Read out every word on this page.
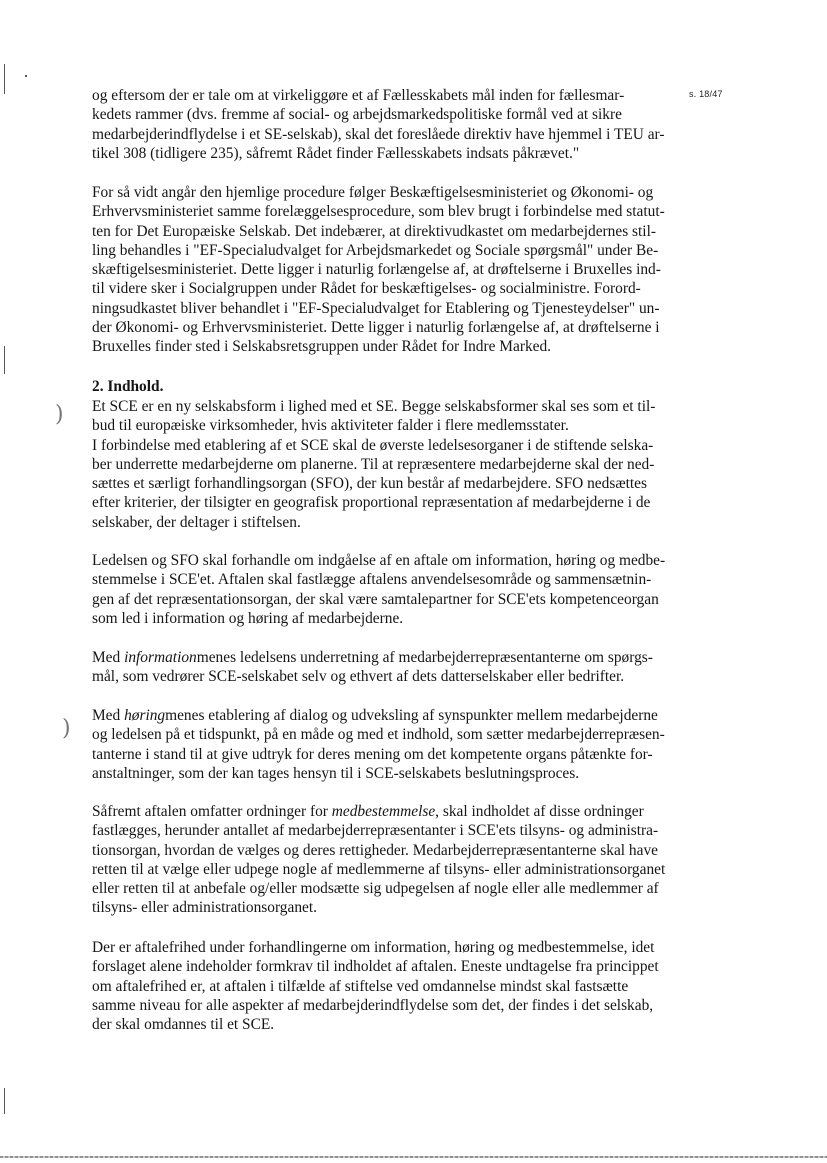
s. 18/47

og eftersom der er tale om at virkeliggøre et af Fællesskabets mål inden for fællesmar-
kedets rammer (dvs. fremme af social- og arbejdsmarkedspolitiske formål ved at sikre
medarbejderindflydelse i et SE-selskab), skal det foreslåede direktiv have hjemmel i TEU ar-
tikel 308 (tidligere 235), såfremt Rådet finder Fællesskabets indsats påkrævet."

For så vidt angår den hjemlige procedure følger Beskæftigelsesministeriet og Økonomi- og
Erhvervsministeriet samme forelæggelsesprocedure, som blev brugt i forbindelse med statut-
ten for Det Europæiske Selskab. Det indebærer, at direktivudkastet om medarbejdernes stil-
ling behandles i "EF-Specialudvalget for Arbejdsmarkedet og Sociale spørgsmål" under Be-
skæftigelsesministeriet. Dette ligger i naturlig forlængelse af, at drøftelserne i Bruxelles ind-
til videre sker i Socialgruppen under Rådet for beskæftigelses- og socialministre. Forord-
ningsudkastet bliver behandlet i "EF-Specialudvalget for Etablering og Tjenesteydelser" un-
der Økonomi- og Erhvervsministeriet. Dette ligger i naturlig forlængelse af, at drøftelserne i
Bruxelles finder sted i Selskabsretsgruppen under Rådet for Indre Marked.

2. Indhold.

Et SCE er en ny selskabsform i lighed med et SE. Begge selskabsformer skal ses som et til-
bud til europæiske virksomheder, hvis aktiviteter falder i flere medlemsstater.
I forbindelse med etablering af et SCE skal de øverste ledelsesorganer i de stiftende selska-
ber underrette medarbejderne om planerne. Til at repræsentere medarbejderne skal der ned-
sættes et særligt forhandlingsorgan (SFO), der kun består af medarbejdere. SFO nedsættes
efter kriterier, der tilsigter en geografisk proportional repræsentation af medarbejderne i de
selskaber, der deltager i stiftelsen.

Ledelsen og SFO skal forhandle om indgåelse af en aftale om information, høring og medbe-
stemmelse i SCE'et. Aftalen skal fastlægge aftalens anvendelsesområde og sammensætnin-
gen af det repræsentationsorgan, der skal være samtalepartner for SCE'ets kompetenceorgan
som led i information og høring af medarbejderne.

Med informationmenes ledelsens underretning af medarbejderrepræsentanterne om spørgs-
mål, som vedrører SCE-selskabet selv og ethvert af dets datterselskaber eller bedrifter.

Med høringmenes etablering af dialog og udveksling af synspunkter mellem medarbejderne
og ledelsen på et tidspunkt, på en måde og med et indhold, som sætter medarbejderrepræsen-
tanterne i stand til at give udtryk for deres mening om det kompetente organs påtænkte for-
anstaltninger, som der kan tages hensyn til i SCE-selskabets beslutningsproces.

Såfremt aftalen omfatter ordninger for medbestemmelse, skal indholdet af disse ordninger
fastlægges, herunder antallet af medarbejderrepræsentanter i SCE'ets tilsyns- og administra-
tionsorgan, hvordan de vælges og deres rettigheder. Medarbejderrepræsentanterne skal have
retten til at vælge eller udpege nogle af medlemmerne af tilsyns- eller administrationsorganet
eller retten til at anbefale og/eller modsætte sig udpegelsen af nogle eller alle medlemmer af
tilsyns- eller administrationsorganet.

Der er aftalefrihed under forhandlingerne om information, høring og medbestemmelse, idet
forslaget alene indeholder formkrav til indholdet af aftalen. Eneste undtagelse fra princippet
om aftalefrihed er, at aftalen i tilfælde af stiftelse ved omdannelse mindst skal fastsætte
samme niveau for alle aspekter af medarbejderindflydelse som det, der findes i det selskab,
der skal omdannes til et SCE.

)
)
